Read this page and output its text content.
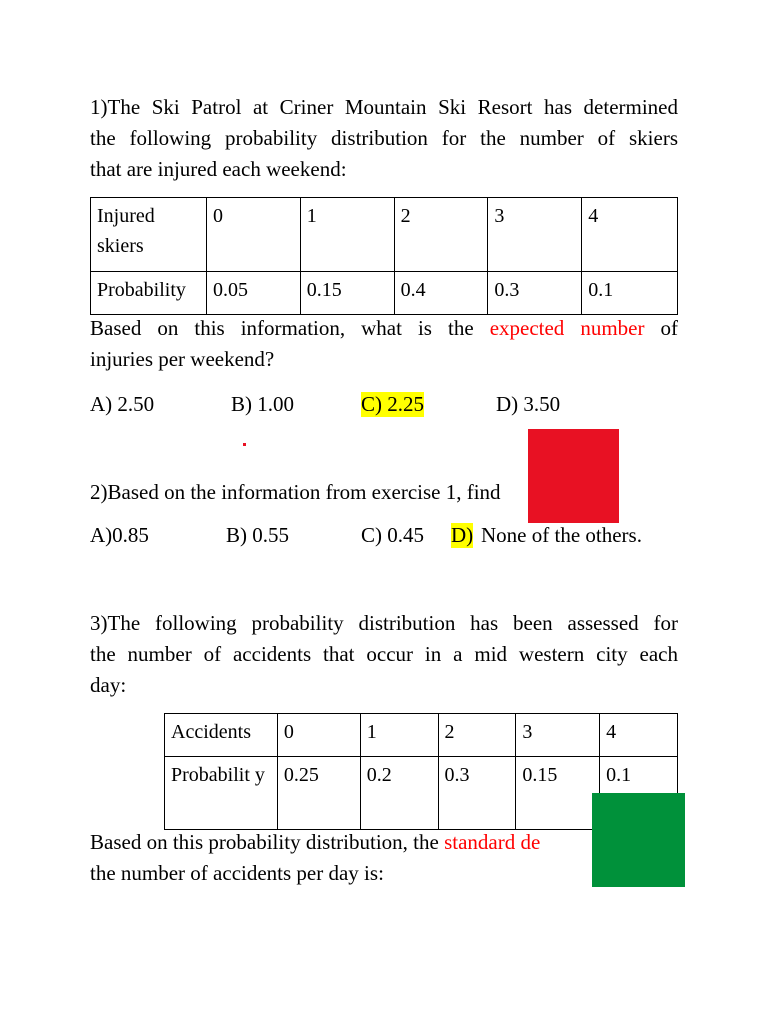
1)The Ski Patrol at Criner Mountain Ski Resort has determined
the following probability distribution for the number of skiers
that are injured each weekend:
Injured skiers	0	1	2	3	4
Probability	0.05	0.15	0.4	0.3	0.1
Based on this information, what is the expected number of
injuries per weekend?
A) 2.50	B) 1.00	C) 2.25	D) 3.50
2)Based on the information from exercise 1, find
A)0.85	B) 0.55	C) 0.45 D) None of the others.
3)The following probability distribution has been assessed for
the number of accidents that occur in a mid western city each
day:
Accidents	0	1	2	3	4
Probabilit y	0.25	0.2	0.3	0.15	0.1
Based on this probability distribution, the standard de
the number of accidents per day is:
